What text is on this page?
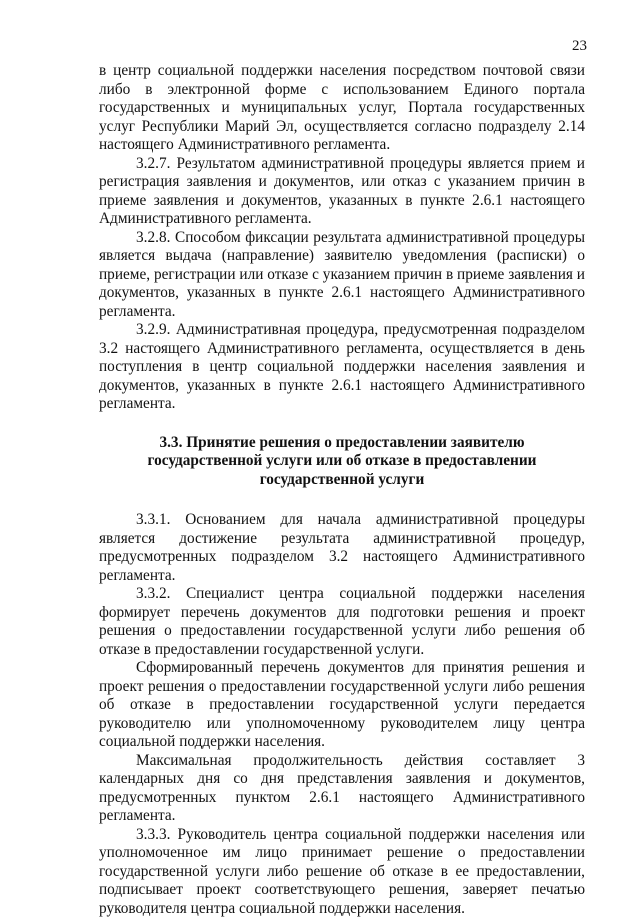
23

в центр социальной поддержки населения посредством почтовой связи либо в электронной форме с использованием Единого портала государственных и муниципальных услуг, Портала государственных услуг Республики Марий Эл, осуществляется согласно подразделу 2.14 настоящего Административного регламента.

3.2.7. Результатом административной процедуры является прием и регистрация заявления и документов, или отказ с указанием причин в приеме заявления и документов, указанных в пункте 2.6.1 настоящего Административного регламента.

3.2.8. Способом фиксации результата административной процедуры является выдача (направление) заявителю уведомления (расписки) о приеме, регистрации или отказе с указанием причин в приеме заявления и документов, указанных в пункте 2.6.1 настоящего Административного регламента.

3.2.9. Административная процедура, предусмотренная подразделом 3.2 настоящего Административного регламента, осуществляется в день поступления в центр социальной поддержки населения заявления и документов, указанных в пункте 2.6.1 настоящего Административного регламента.

3.3. Принятие решения о предоставлении заявителю
государственной услуги или об отказе в предоставлении
государственной услуги

3.3.1. Основанием для начала административной процедуры является достижение результата административной процедур, предусмотренных подразделом 3.2 настоящего Административного регламента.

3.3.2. Специалист центра социальной поддержки населения формирует перечень документов для подготовки решения и проект решения о предоставлении государственной услуги либо решения об отказе в предоставлении государственной услуги.

Сформированный перечень документов для принятия решения и проект решения о предоставлении государственной услуги либо решения об отказе в предоставлении государственной услуги передается руководителю или уполномоченному руководителем лицу центра социальной поддержки населения.

Максимальная продолжительность действия составляет 3 календарных дня со дня представления заявления и документов, предусмотренных пунктом 2.6.1 настоящего Административного регламента.

3.3.3. Руководитель центра социальной поддержки населения или уполномоченное им лицо принимает решение о предоставлении государственной услуги либо решение об отказе в ее предоставлении, подписывает проект соответствующего решения, заверяет печатью руководителя центра социальной поддержки населения.
